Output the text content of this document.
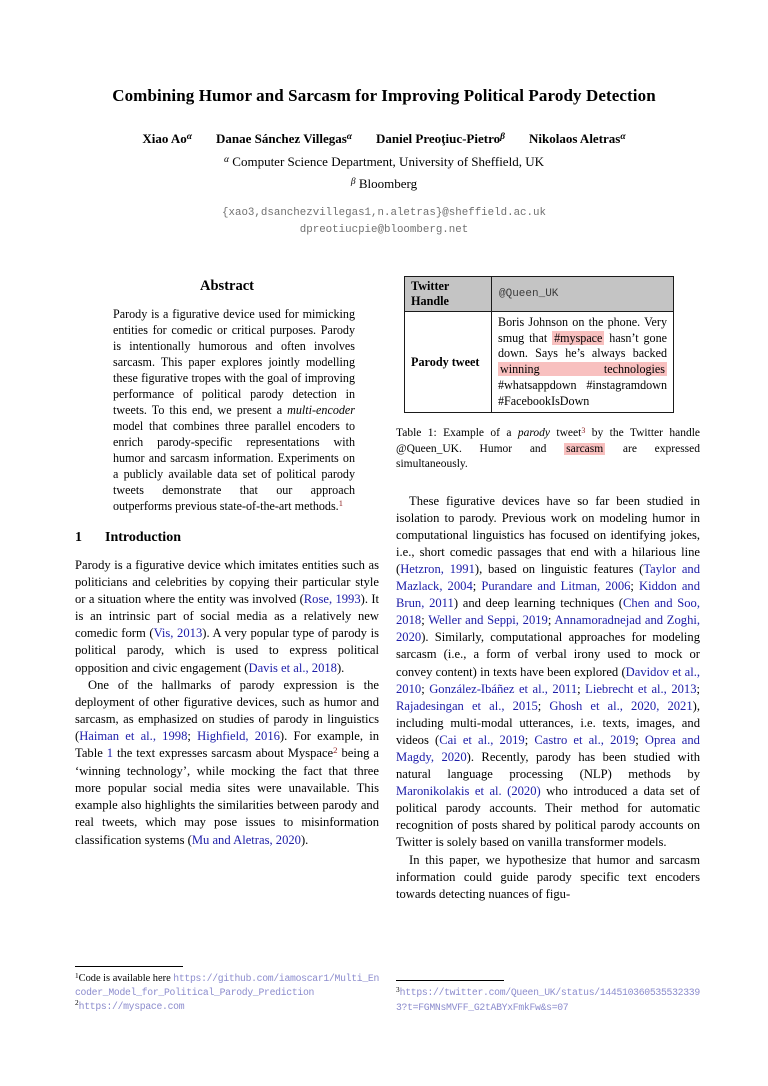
Combining Humor and Sarcasm for Improving Political Parody Detection
Xiao $Ao^\alpha$ Danae Sánchez Villegas$^\alpha$ Daniel Preoţiuc-Pietro$^\beta$ Nikolaos Aletras$^\alpha$
$^\alpha$ Computer Science Department, University of Sheffield, UK
$^\beta$ Bloomberg
{xao3,dsanchezvillegas1,n.aletras}@sheffield.ac.uk
dpreotiucpie@bloomberg.net
Abstract
Parody is a figurative device used for mimicking entities for comedic or critical purposes. Parody is intentionally humorous and often involves sarcasm. This paper explores jointly modelling these figurative tropes with the goal of improving performance of political parody detection in tweets. To this end, we present a multi-encoder model that combines three parallel encoders to enrich parody-specific representations with humor and sarcasm information. Experiments on a publicly available data set of political parody tweets demonstrate that our approach outperforms previous state-of-the-art methods.$^1$
1 Introduction

Parody is a figurative device which imitates entities such as politicians and celebrities by copying their particular style or a situation where the entity was involved (Rose, 1993). It is an intrinsic part of social media as a relatively new comedic form (Vis, 2013). A very popular type of parody is political parody, which is used to express political opposition and civic engagement (Davis et al., 2018).

One of the hallmarks of parody expression is the deployment of other figurative devices, such as humor and sarcasm, as emphasized on studies of parody in linguistics (Haiman et al., 1998; Highfield, 2016). For example, in Table 1 the text expresses sarcasm about Myspace$^2$ being a ‘winning technology’, while mocking the fact that three more popular social media sites were unavailable. This example also highlights the similarities between parody and real tweets, which may pose issues to misinformation classification systems (Mu and Aletras, 2020).

$^1$Code is available here https://github.com/iamoscar1/Multi_Encoder_Model_for_Political_Parody_Prediction
$^2$https://myspace.com
Twitter Handle	@Queen_UK
Parody tweet	Boris Johnson on the phone. Very smug that #myspace hasn’t gone down. Says he’s always backed winning technologies #whatsappdown #instagramdown #FacebookIsDown
Table 1: Example of a parody tweet$^3$ by the Twitter handle @Queen_UK. Humor and sarcasm are expressed simultaneously.

These figurative devices have so far been studied in isolation to parody. Previous work on modeling humor in computational linguistics has focused on identifying jokes, i.e., short comedic passages that end with a hilarious line (Hetzron, 1991), based on linguistic features (Taylor and Mazlack, 2004; Purandare and Litman, 2006; Kiddon and Brun, 2011) and deep learning techniques (Chen and Soo, 2018; Weller and Seppi, 2019; Annamoradnejad and Zoghi, 2020). Similarly, computational approaches for modeling sarcasm (i.e., a form of verbal irony used to mock or convey content) in texts have been explored (Davidov et al., 2010; González-Ibáñez et al., 2011; Liebrecht et al., 2013; Rajadesingan et al., 2015; Ghosh et al., 2020, 2021), including multi-modal utterances, i.e. texts, images, and videos (Cai et al., 2019; Castro et al., 2019; Oprea and Magdy, 2020). Recently, parody has been studied with natural language processing (NLP) methods by Maronikolakis et al. (2020) who introduced a data set of political parody accounts. Their method for automatic recognition of posts shared by political parody accounts on Twitter is solely based on vanilla transformer models.

In this paper, we hypothesize that humor and sarcasm information could guide parody specific text encoders towards detecting nuances of figu-

$^3$https://twitter.com/Queen_UK/status/1445103605355323393?t=FGMNsMVFF_G2tABYxFmkFw&s=07
